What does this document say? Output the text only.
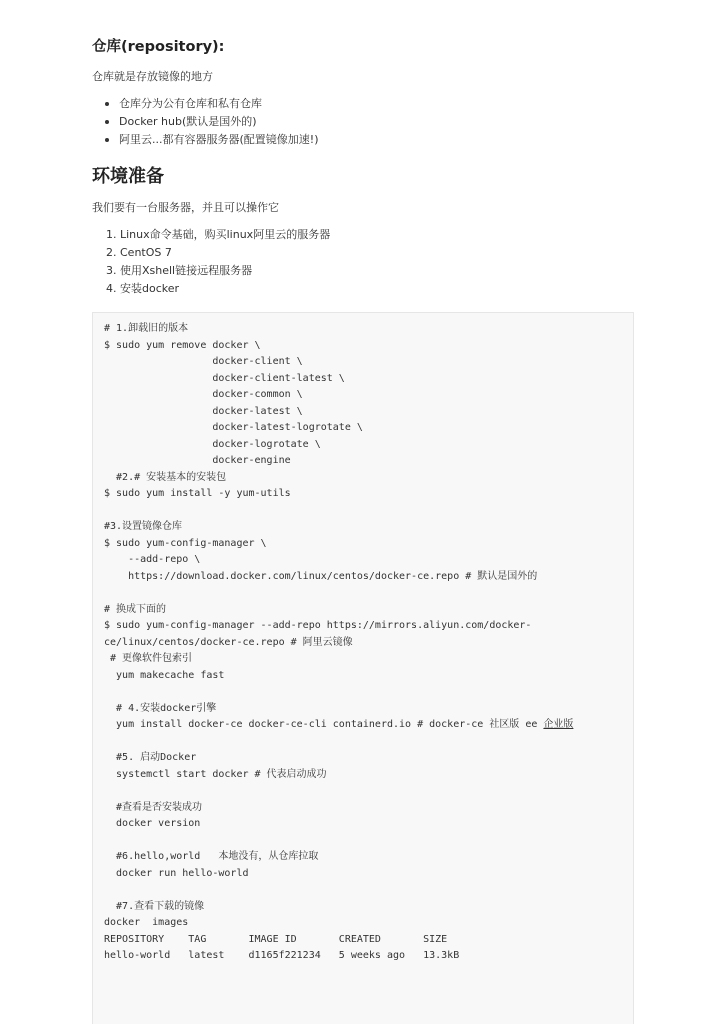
仓库(repository):
仓库就是存放镜像的地方
仓库分为公有仓库和私有仓库
Docker hub(默认是国外的)
阿里云...都有容器服务器(配置镜像加速!)
环境准备
我们要有一台服务器，并且可以操作它
1. Linux命令基础，购买linux阿里云的服务器
2. CentOS 7
3. 使用Xshell链接远程服务器
4. 安装docker
# 1.卸载旧的版本
$ sudo yum remove docker \
docker-client \
docker-client-latest \
docker-common \
docker-latest \
docker-latest-logrotate \
docker-logrotate \
docker-engine
#2.# 安装基本的安装包
$ sudo yum install -y yum-utils
#3.设置镜像仓库
$ sudo yum-config-manager \
--add-repo \
https://download.docker.com/linux/centos/docker-ce.repo # 默认是国外的
# 换成下面的
$ sudo yum-config-manager --add-repo https://mirrors.aliyun.com/docker-
ce/linux/centos/docker-ce.repo # 阿里云镜像
# 更像软件包索引
yum makecache fast
# 4.安装docker引擎
yum install docker-ce docker-ce-cli containerd.io # docker-ce 社区版 ee 企业版
#5. 启动Docker
systemctl start docker # 代表启动成功
#查看是否安装成功
docker version
#6.hello,world   本地没有，从仓库拉取
docker run hello-world
#7.查看下载的镜像
docker  images
REPOSITORY    TAG       IMAGE ID       CREATED       SIZE
hello-world   latest    d1165f221234   5 weeks ago   13.3kB
